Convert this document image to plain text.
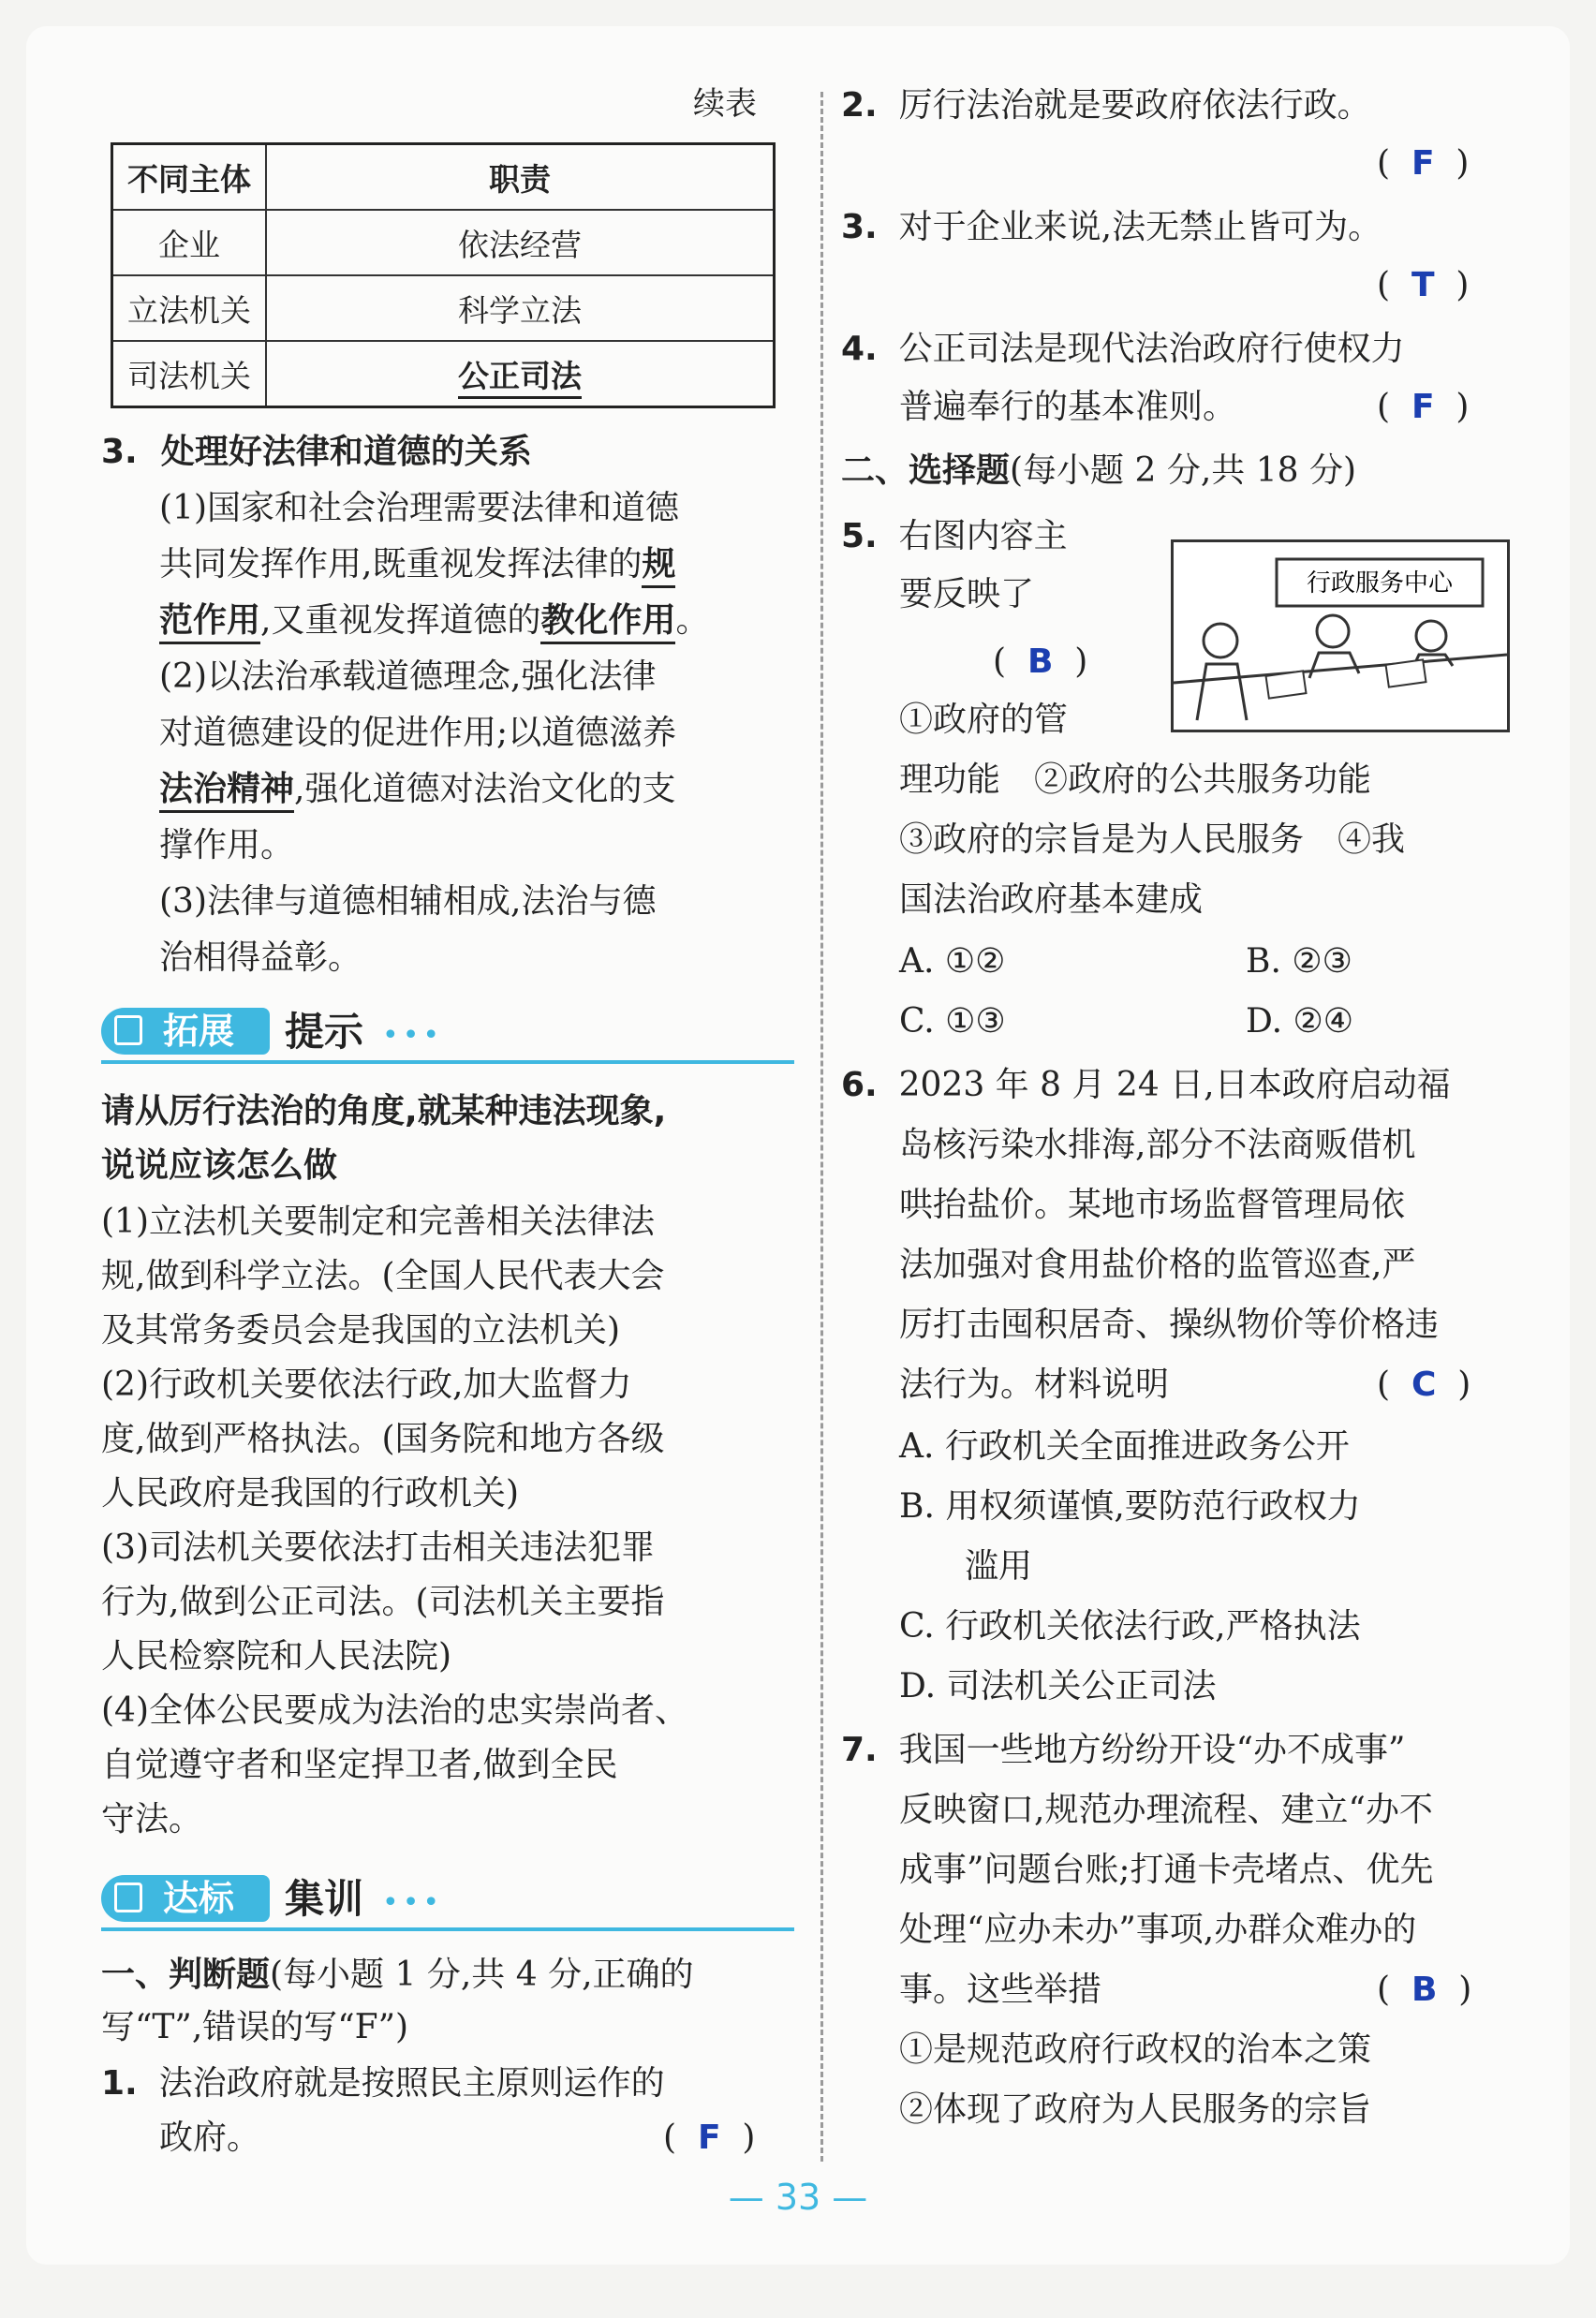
续表
不同主体	职责
企业	依法经营
立法机关	科学立法
司法机关	公正司法
3. 处理好法律和道德的关系
(1)国家和社会治理需要法律和道德
共同发挥作用,既重视发挥法律的规
范作用,又重视发挥道德的教化作用。
(2)以法治承载道德理念,强化法律
对道德建设的促进作用;以道德滋养
法治精神,强化道德对法治文化的支
撑作用。
(3)法律与道德相辅相成,法治与德
治相得益彰。
拓展 提示 •••
请从厉行法治的角度,就某种违法现象,
说说应该怎么做
(1)立法机关要制定和完善相关法律法
规,做到科学立法。(全国人民代表大会
及其常务委员会是我国的立法机关)
(2)行政机关要依法行政,加大监督力
度,做到严格执法。(国务院和地方各级
人民政府是我国的行政机关)
(3)司法机关要依法打击相关违法犯罪
行为,做到公正司法。(司法机关主要指
人民检察院和人民法院)
(4)全体公民要成为法治的忠实崇尚者、
自觉遵守者和坚定捍卫者,做到全民
守法。
达标 集训 •••
一、判断题(每小题 1 分,共 4 分,正确的
写“T”,错误的写“F”)
1. 法治政府就是按照民主原则运作的
政府。	(  F  )
2. 厉行法治就是要政府依法行政。
(  F  )
3. 对于企业来说,法无禁止皆可为。
(  T  )
4. 公正司法是现代法治政府行使权力
普遍奉行的基本准则。	(  F  )
二、选择题(每小题 2 分,共 18 分)
5. 右图内容主
要反映了
(  B  )
行政服务中心
①政府的管
理功能　②政府的公共服务功能
③政府的宗旨是为人民服务　④我
国法治政府基本建成
A. ①②	B. ②③
C. ①③	D. ②④
6. 2023 年 8 月 24 日,日本政府启动福
岛核污染水排海,部分不法商贩借机
哄抬盐价。某地市场监督管理局依
法加强对食用盐价格的监管巡查,严
厉打击囤积居奇、操纵物价等价格违
法行为。材料说明	(  C  )
A. 行政机关全面推进政务公开
B. 用权须谨慎,要防范行政权力
滥用
C. 行政机关依法行政,严格执法
D. 司法机关公正司法
7. 我国一些地方纷纷开设“办不成事”
反映窗口,规范办理流程、建立“办不
成事”问题台账;打通卡壳堵点、优先
处理“应办未办”事项,办群众难办的
事。这些举措	(  B  )
①是规范政府行政权的治本之策
②体现了政府为人民服务的宗旨
— 33 —
